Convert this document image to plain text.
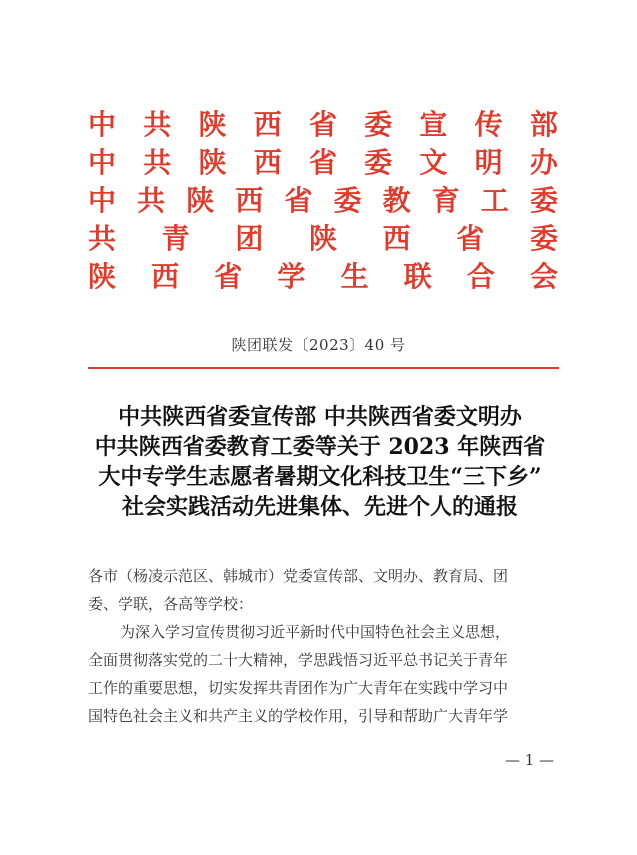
中 共 陕 西 省 委 宣 传 部
中 共 陕 西 省 委 文 明 办
中 共 陕 西 省 委 教 育 工 委
共 青 团 陕 西 省 委
陕 西 省 学 生 联 合 会
陕团联发〔2023〕40 号
中共陕西省委宣传部 中共陕西省委文明办
中共陕西省委教育工委等关于 2023 年陕西省
大中专学生志愿者暑期文化科技卫生“三下乡”
社会实践活动先进集体、先进个人的通报
各市（杨凌示范区、韩城市）党委宣传部、文明办、教育局、团
委、学联，各高等学校：
为深入学习宣传贯彻习近平新时代中国特色社会主义思想，
全面贯彻落实党的二十大精神，学思践悟习近平总书记关于青年
工作的重要思想，切实发挥共青团作为广大青年在实践中学习中
国特色社会主义和共产主义的学校作用，引导和帮助广大青年学
— 1 —
